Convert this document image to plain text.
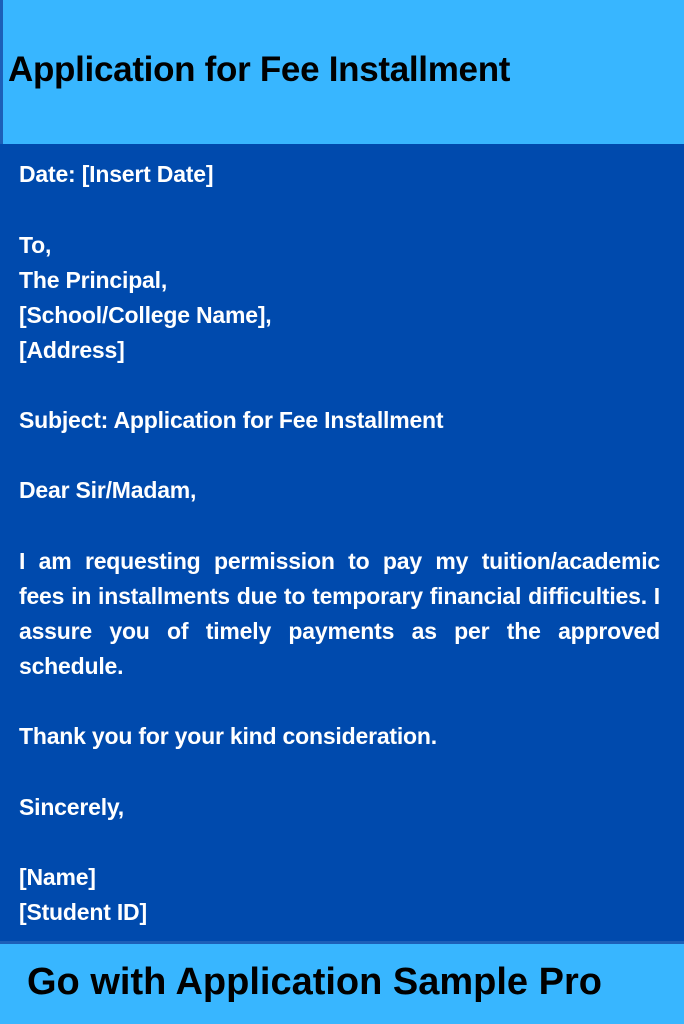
Application for Fee Installment
Date: [Insert Date]
To,
The Principal,
[School/College Name],
[Address]
Subject: Application for Fee Installment
Dear Sir/Madam,
I am requesting permission to pay my tuition/academic fees in installments due to temporary financial difficulties. I assure you of timely payments as per the approved schedule.
Thank you for your kind consideration.
Sincerely,
[Name]
[Student ID]
Go with Application Sample Pro
